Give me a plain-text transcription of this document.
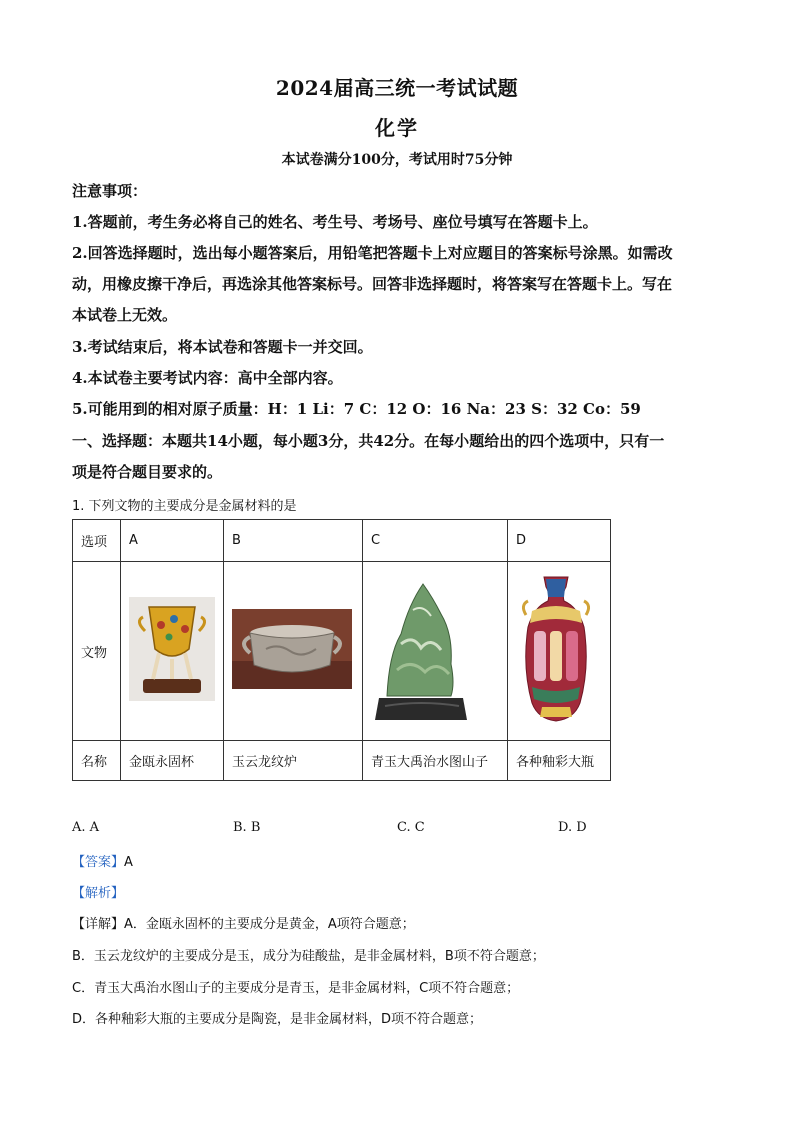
2024届高三统一考试试题
化学
本试卷满分100分，考试用时75分钟
注意事项：
1.答题前，考生务必将自己的姓名、考生号、考场号、座位号填写在答题卡上。
2.回答选择题时，选出每小题答案后，用铅笔把答题卡上对应题目的答案标号涂黑。如需改
动，用橡皮擦干净后，再选涂其他答案标号。回答非选择题时，将答案写在答题卡上。写在
本试卷上无效。
3.考试结束后，将本试卷和答题卡一并交回。
4.本试卷主要考试内容：高中全部内容。
5.可能用到的相对原子质量：H：1 Li：7 C：12 O：16 Na：23 S：32 Co：59
一、选择题：本题共14小题，每小题3分，共42分。在每小题给出的四个选项中，只有一
项是符合题目要求的。
1. 下列文物的主要成分是金属材料的是
选项	A	B	C	D
文物				
名称	金瓯永固杯	玉云龙纹炉	青玉大禹治水图山子	各种釉彩大瓶
A. A	B. B	C. C	D. D
【答案】A
【解析】
【详解】A．金瓯永固杯的主要成分是黄金，A项符合题意；
B．玉云龙纹炉的主要成分是玉，成分为硅酸盐，是非金属材料，B项不符合题意；
C．青玉大禹治水图山子的主要成分是青玉，是非金属材料，C项不符合题意；
D．各种釉彩大瓶的主要成分是陶瓷，是非金属材料，D项不符合题意；
